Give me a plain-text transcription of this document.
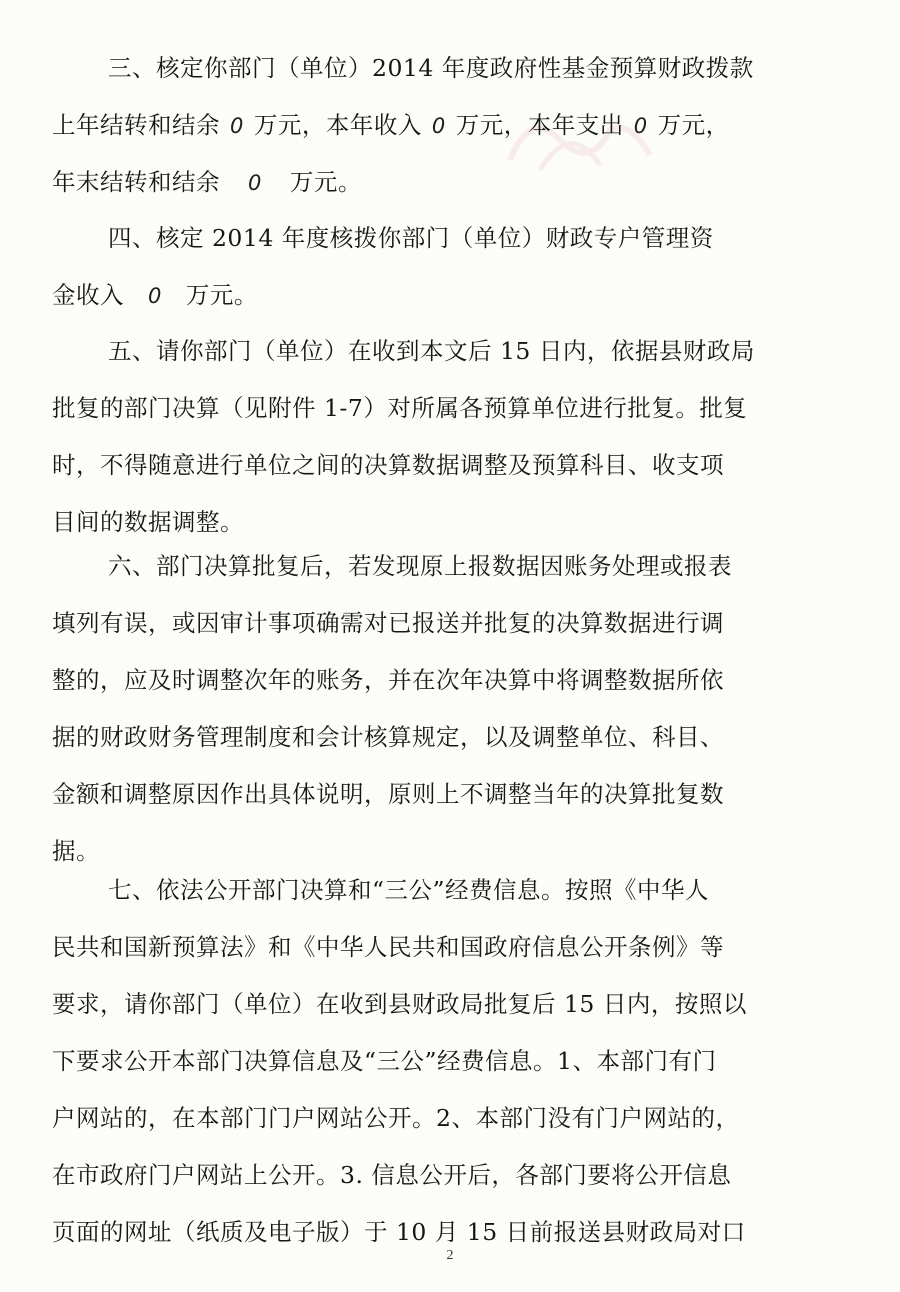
三、核定你部门（单位）2014 年度政府性基金预算财政拨款
上年结转和结余 0 万元，本年收入 0 万元，本年支出 0 万元，
年末结转和结余 0 万元。
四、核定 2014 年度核拨你部门（单位）财政专户管理资
金收入 0 万元。
五、请你部门（单位）在收到本文后 15 日内，依据县财政局
批复的部门决算（见附件 1-7）对所属各预算单位进行批复。批复
时，不得随意进行单位之间的决算数据调整及预算科目、收支项
目间的数据调整。
六、部门决算批复后，若发现原上报数据因账务处理或报表
填列有误，或因审计事项确需对已报送并批复的决算数据进行调
整的，应及时调整次年的账务，并在次年决算中将调整数据所依
据的财政财务管理制度和会计核算规定，以及调整单位、科目、
金额和调整原因作出具体说明，原则上不调整当年的决算批复数
据。
七、依法公开部门决算和“三公”经费信息。按照《中华人
民共和国新预算法》和《中华人民共和国政府信息公开条例》等
要求，请你部门（单位）在收到县财政局批复后 15 日内，按照以
下要求公开本部门决算信息及“三公”经费信息。1、本部门有门
户网站的，在本部门门户网站公开。2、本部门没有门户网站的，
在市政府门户网站上公开。3. 信息公开后，各部门要将公开信息
页面的网址（纸质及电子版）于 10 月 15 日前报送县财政局对口
2
